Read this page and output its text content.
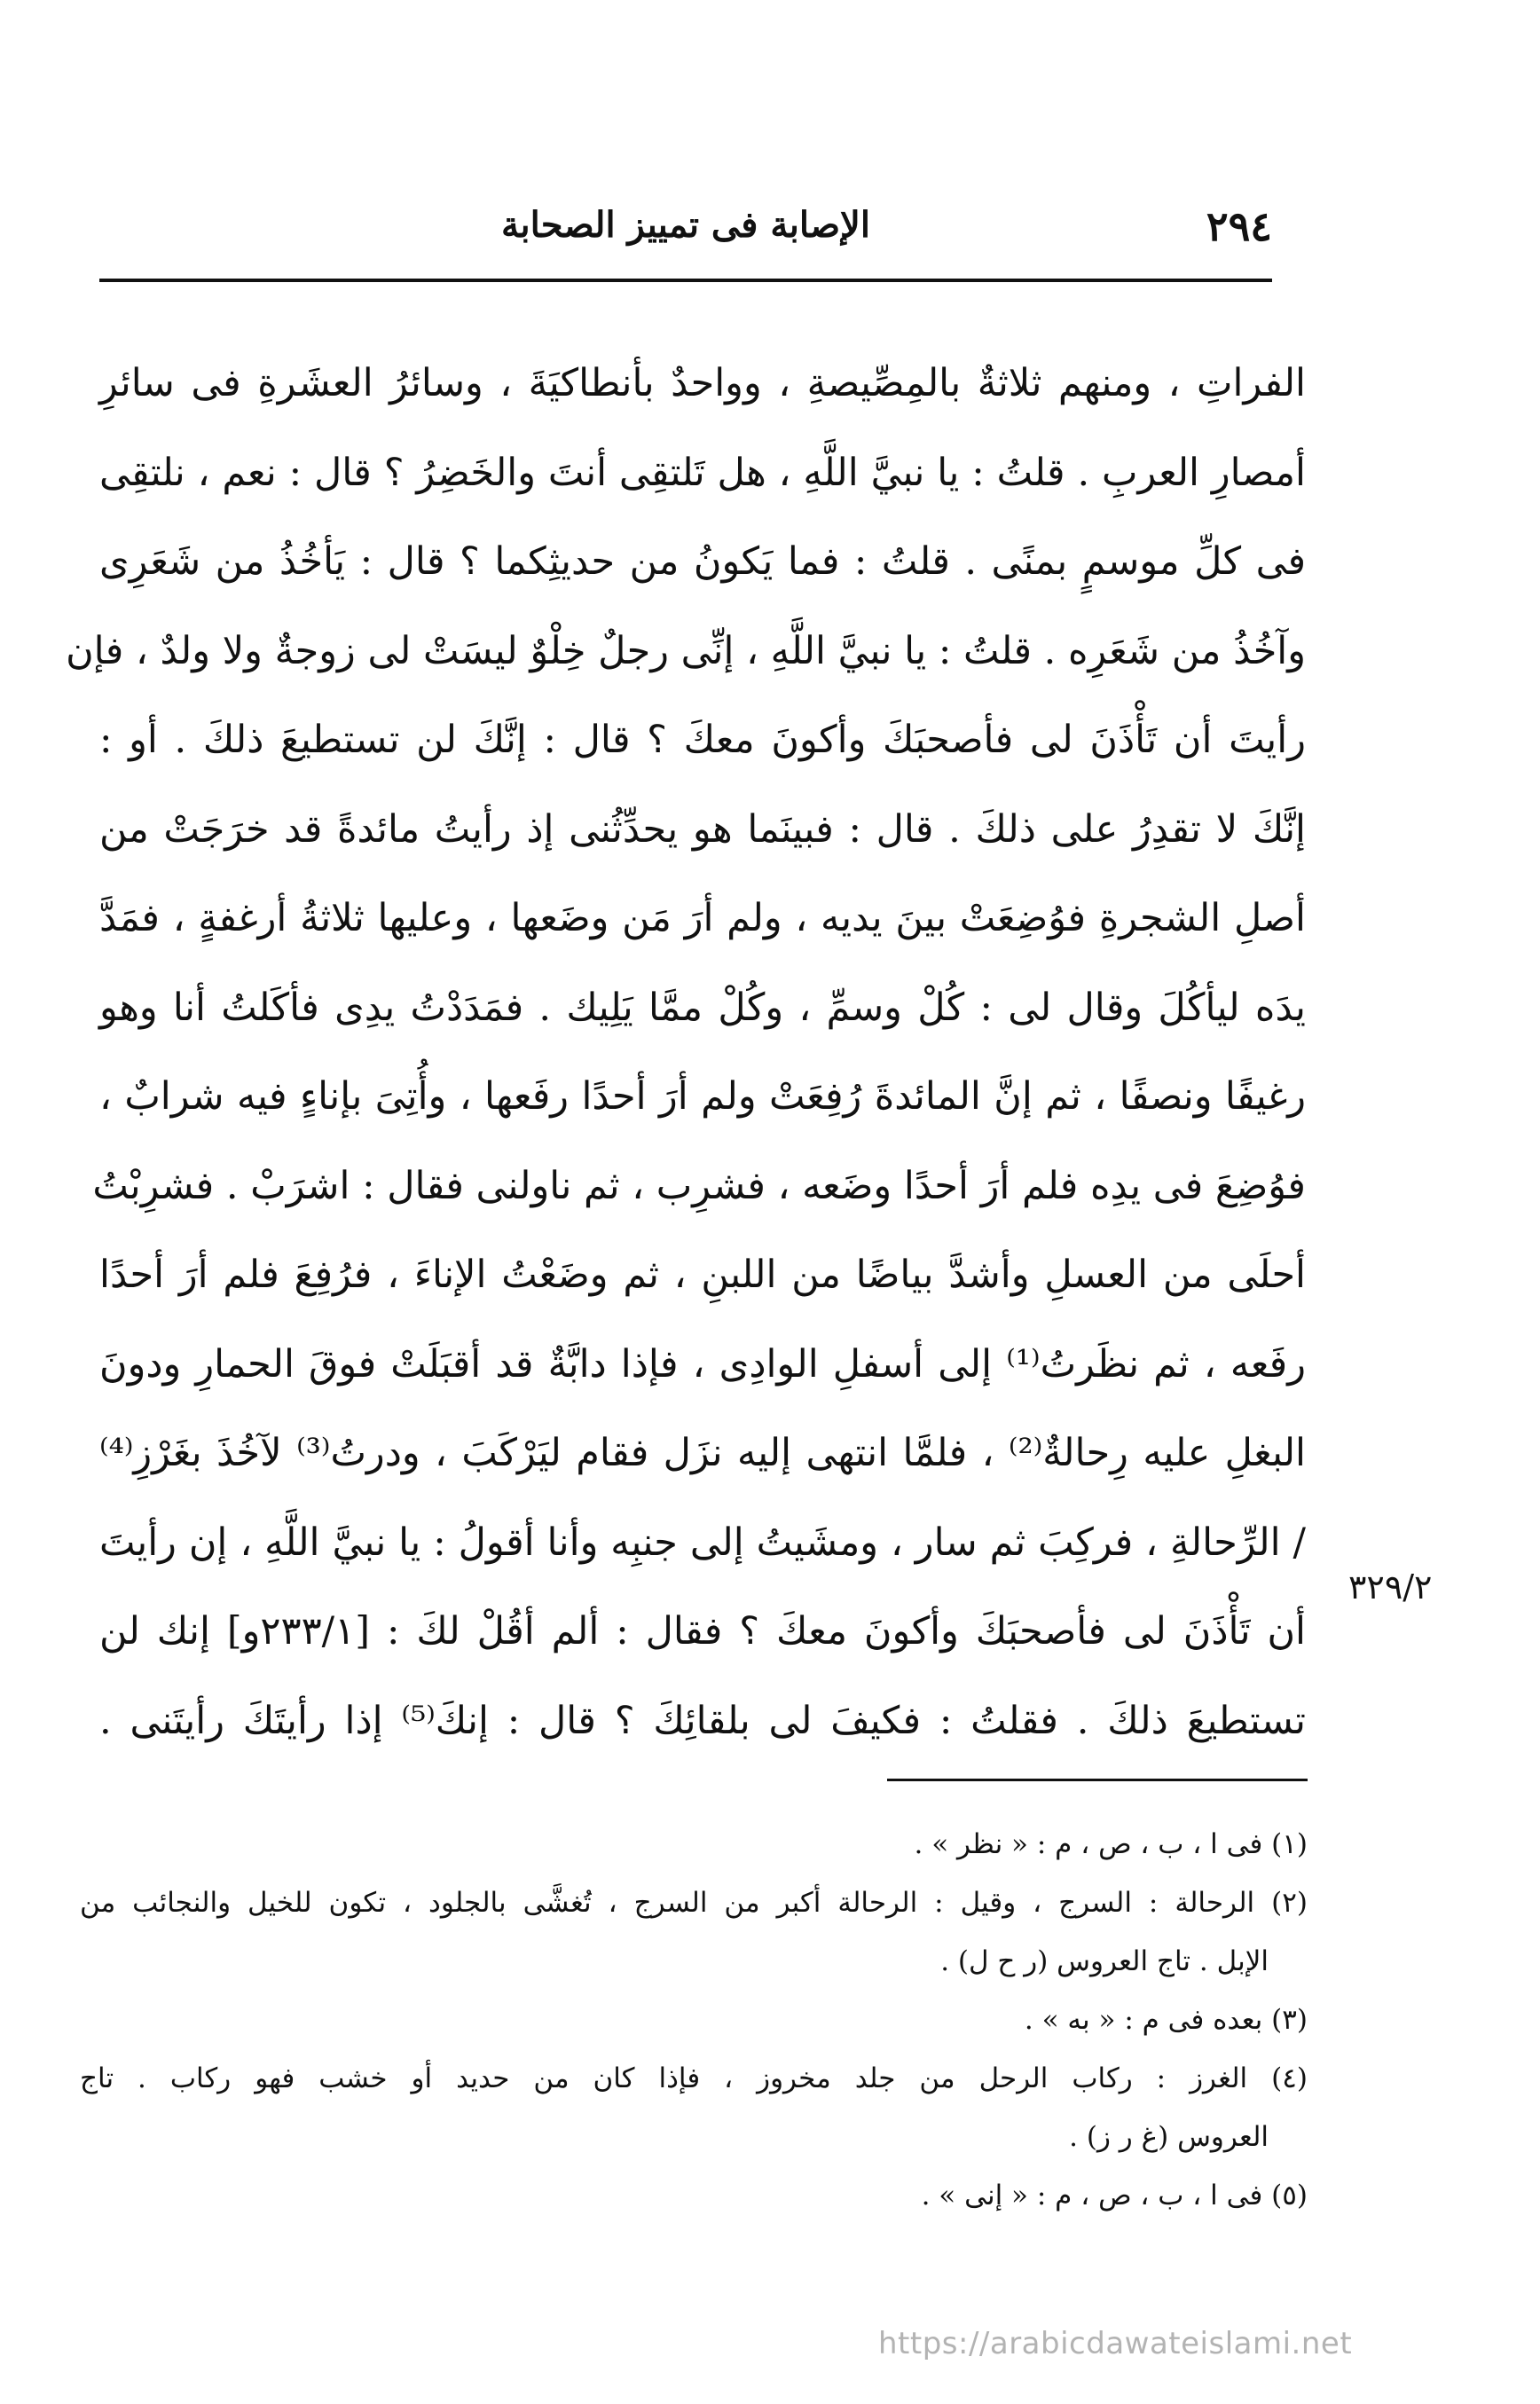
٢٩٤
الإصابة فى تمييز الصحابة
الفراتِ ، ومنهم ثلاثةٌ بالمِصِّيصةِ ، وواحدٌ بأنطاكيَةَ ، وسائرُ العشَرةِ فى سائرِ
أمصارِ العربِ . قلتُ : يا نبيَّ اللَّهِ ، هل تَلتقِى أنتَ والخَضِرُ ؟ قال : نعم ، نلتقِى
فى كلِّ موسمٍ بمنًى . قلتُ : فما يَكونُ من حديثِكما ؟ قال : يَأخُذُ من شَعَرِى
وآخُذُ من شَعَرِه . قلتُ : يا نبيَّ اللَّهِ ، إنِّى رجلٌ خِلْوٌ ليسَتْ لى زوجةٌ ولا ولدٌ ، فإن
رأيتَ أن تَأْذَنَ لى فأصحبَكَ وأكونَ معكَ ؟ قال : إنَّكَ لن تستطيعَ ذلكَ . أو :
إنَّكَ لا تقدِرُ على ذلكَ . قال : فبينَما هو يحدِّثُنى إذ رأيتُ مائدةً قد خرَجَتْ من
أصلِ الشجرةِ فوُضِعَتْ بينَ يديه ، ولم أرَ مَن وضَعها ، وعليها ثلاثةُ أرغفةٍ ، فمَدَّ
يدَه ليأكُلَ وقال لى : كُلْ وسمِّ ، وكُلْ ممَّا يَلِيك . فمَدَدْتُ يدِى فأكَلتُ أنا وهو
رغيفًا ونصفًا ، ثم إنَّ المائدةَ رُفِعَتْ ولم أرَ أحدًا رفَعها ، وأُتِىَ بإناءٍ فيه شرابٌ ،
فوُضِعَ فى يدِه فلم أرَ أحدًا وضَعه ، فشرِب ، ثم ناولنى فقال : اشرَبْ . فشرِبْتُ
أحلَى من العسلِ وأشدَّ بياضًا من اللبنِ ، ثم وضَعْتُ الإناءَ ، فرُفِعَ فلم أرَ أحدًا
رفَعه ، ثم نظَرتُ⁽¹⁾ إلى أسفلِ الوادِى ، فإذا دابَّةٌ قد أقبَلَتْ فوقَ الحمارِ ودونَ
البغلِ عليه رِحالةٌ⁽²⁾ ، فلمَّا انتهى إليه نزَل فقام ليَرْكَبَ ، ودرتُ⁽³⁾ لآخُذَ بغَرْزِ⁽⁴⁾
/ الرِّحالةِ ، فركِبَ ثم سار ، ومشَيتُ إلى جنبِه وأنا أقولُ : يا نبيَّ اللَّهِ ، إن رأيتَ
أن تَأْذَنَ لى فأصحبَكَ وأكونَ معكَ ؟ فقال : ألم أقُلْ لكَ : [٢٣٣/١و] إنك لن
تستطيعَ ذلكَ . فقلتُ : فكيفَ لى بلقائِكَ ؟ قال : إنكَ⁽⁵⁾ إذا رأيتَكَ رأيتَنى .
٣٢٩/٢
(١) فى ا ، ب ، ص ، م : « نظر » .
(٢) الرحالة : السرج ، وقيل : الرحالة أكبر من السرج ، تُغشَّى بالجلود ، تكون للخيل والنجائب من
الإبل . تاج العروس (ر ح ل) .
(٣) بعده فى م : « به » .
(٤) الغرز : ركاب الرحل من جلد مخروز ، فإذا كان من حديد أو خشب فهو ركاب . تاج
العروس (غ ر ز) .
(٥) فى ا ، ب ، ص ، م : « إنى » .
https://arabicdawateislami.net
